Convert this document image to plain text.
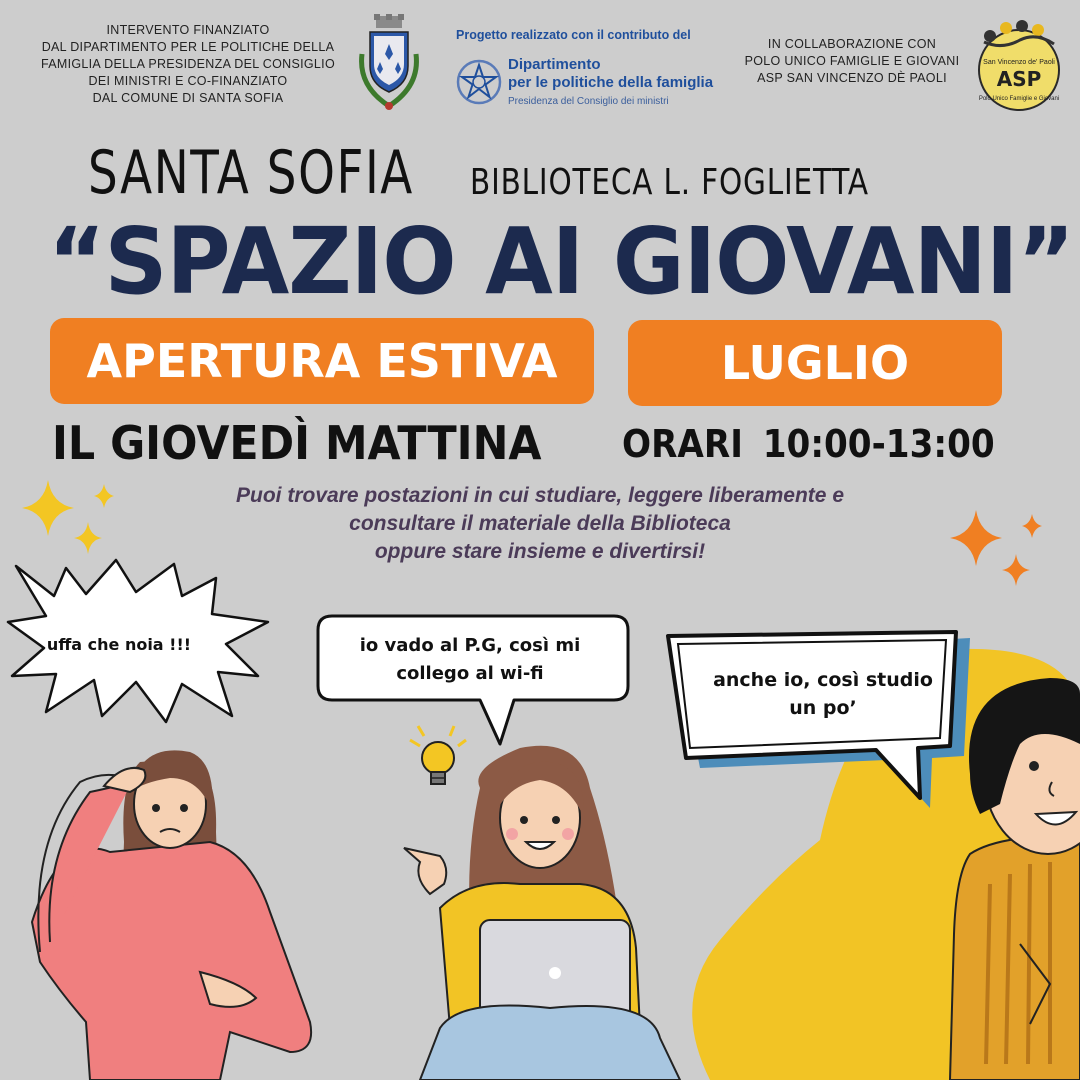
INTERVENTO FINANZIATO
DAL DIPARTIMENTO PER LE POLITICHE DELLA
FAMIGLIA DELLA PRESIDENZA DEL CONSIGLIO
DEI MINISTRI E CO-FINANZIATO
DAL COMUNE DI SANTA SOFIA
Progetto realizzato con il contributo del
Dipartimento
per le politiche della famiglia
Presidenza del Consiglio dei ministri
IN COLLABORAZIONE CON
POLO UNICO FAMIGLIE E GIOVANI
ASP SAN VINCENZO DÈ PAOLI
San Vincenzo de' Paoli
ASP
Polo Unico Famiglie e Giovani
SANTA SOFIA BIBLIOTECA L. FOGLIETTA
“SPAZIO AI GIOVANI”
APERTURA ESTIVA	LUGLIO
IL GIOVEDÌ MATTINA ORARI 10:00-13:00
Puoi trovare postazioni in cui studiare, leggere liberamente e
consultare il materiale della Biblioteca
oppure stare insieme e divertirsi!
uffa che noia !!!	io vado al P.G, così mi
collego al wi-fi	anche io, così studio
un po’
